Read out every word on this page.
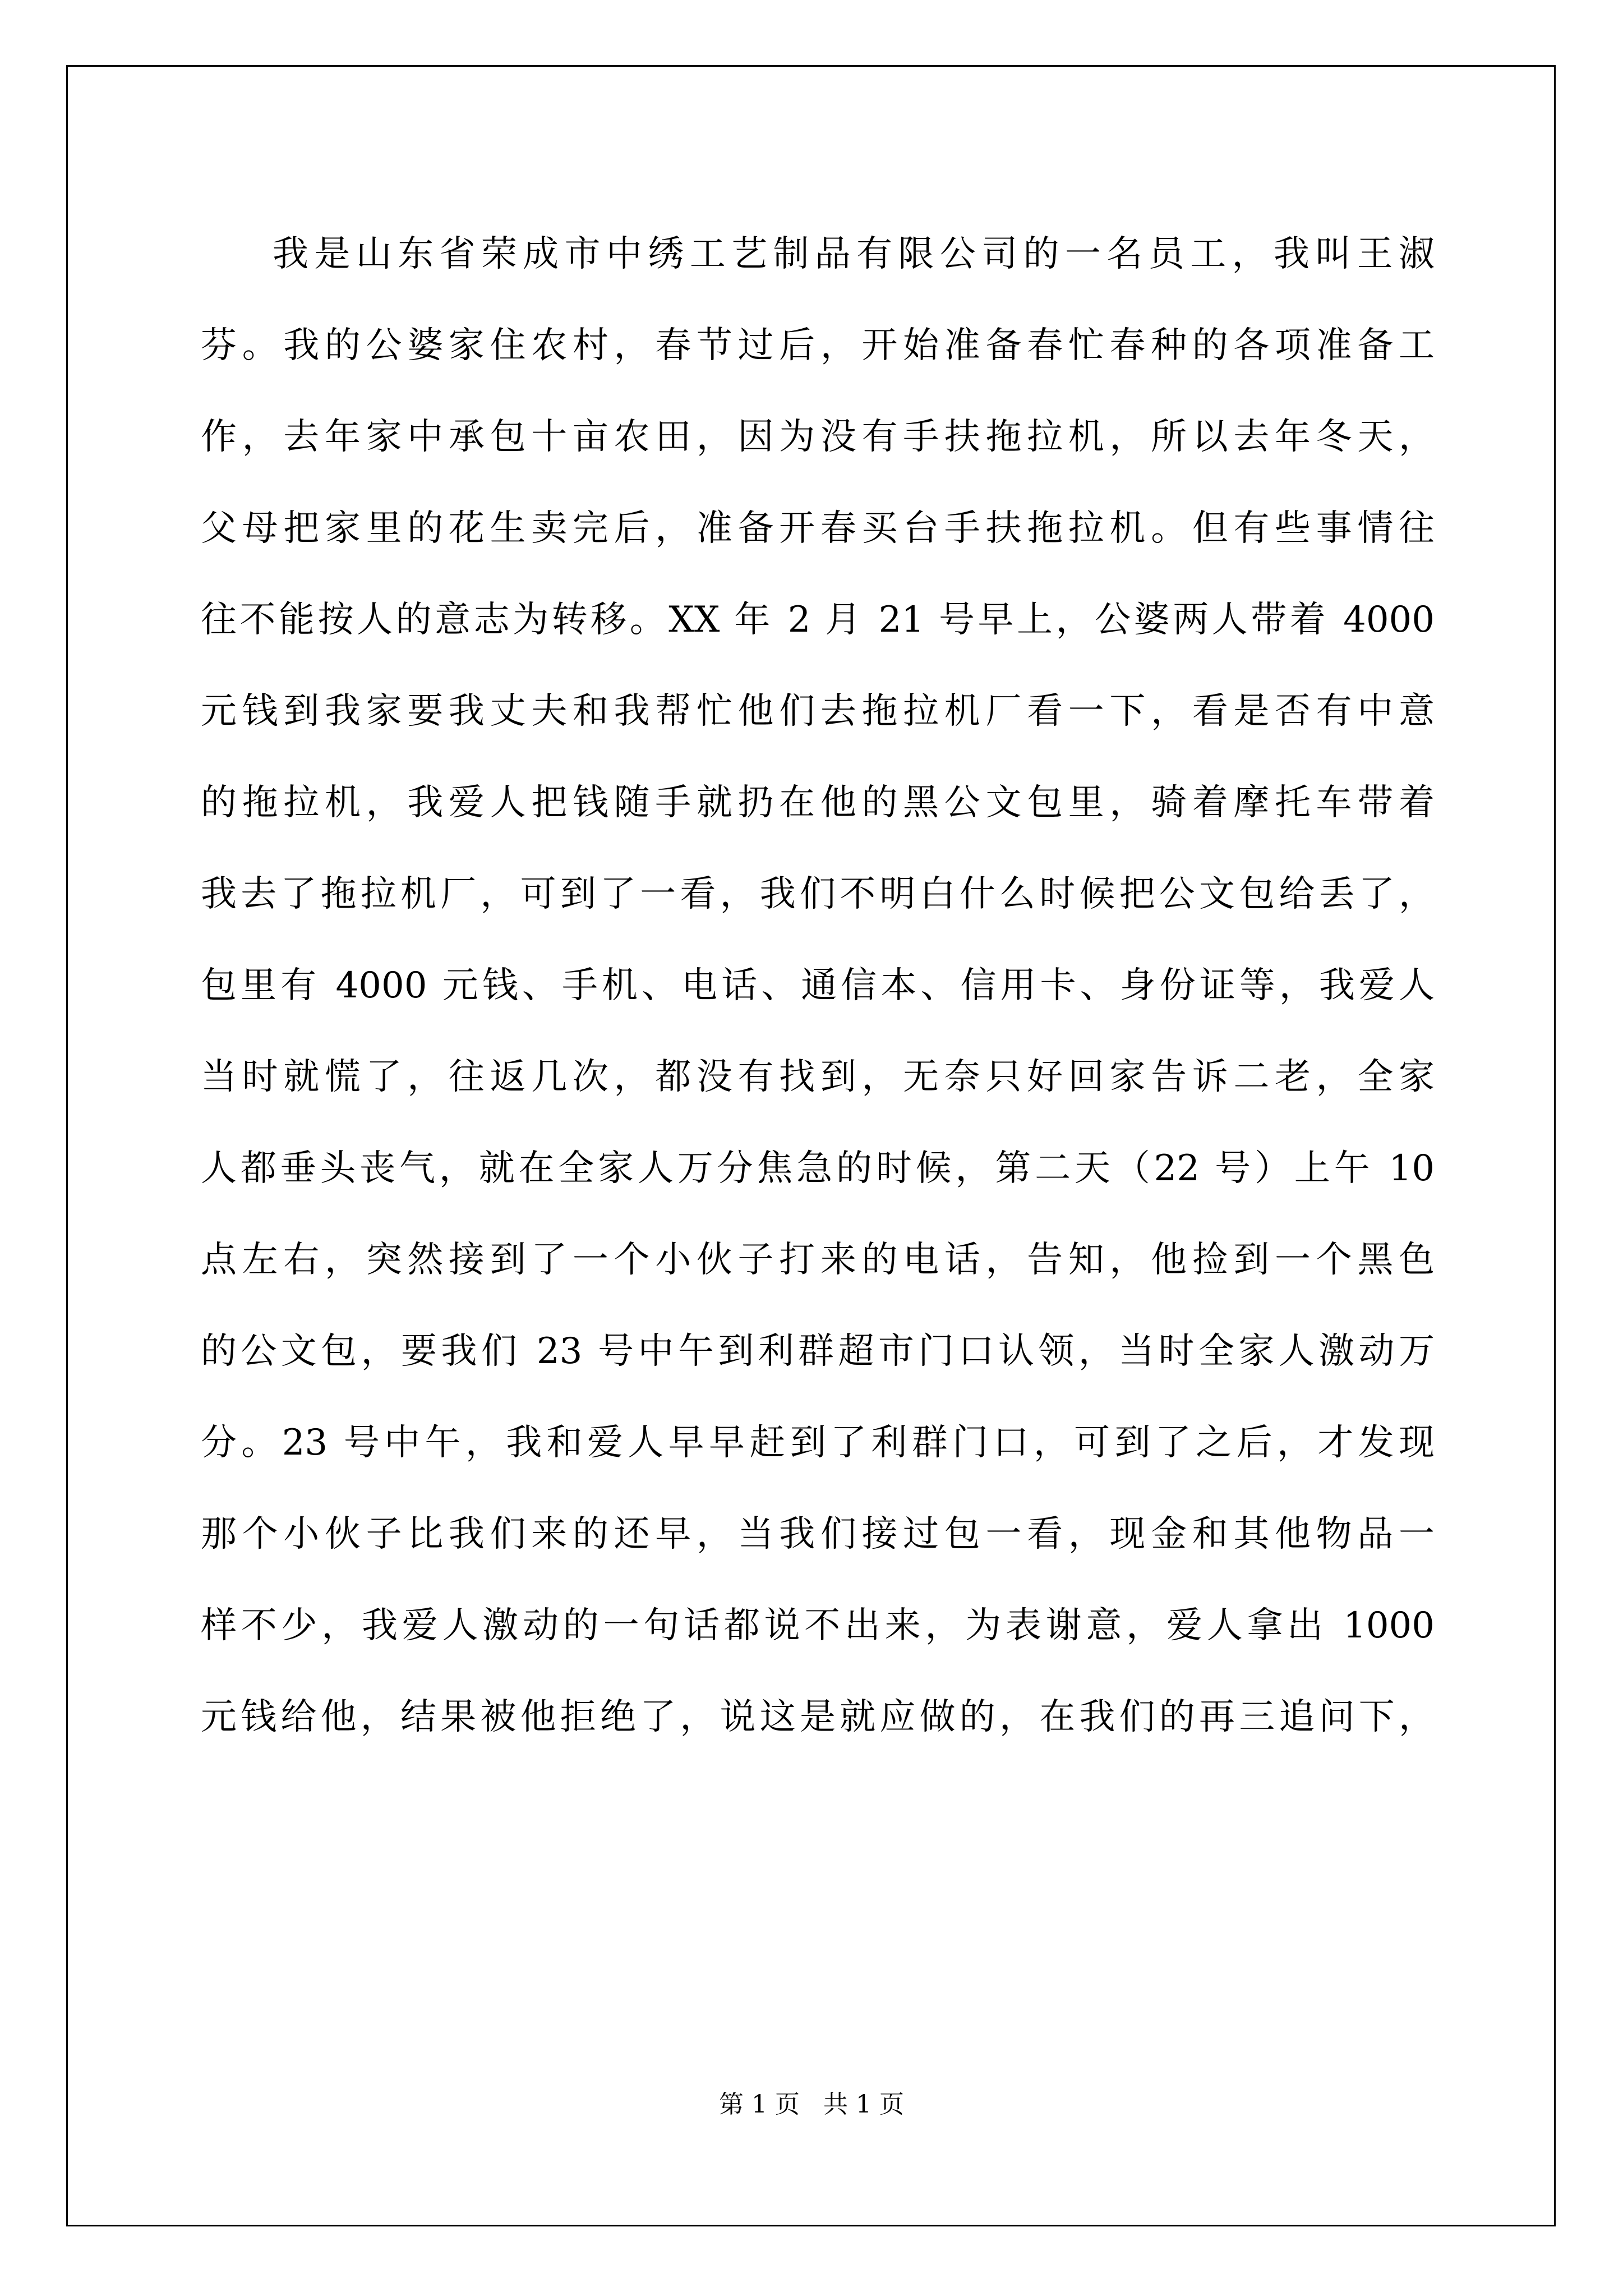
我是山东省荣成市中绣工艺制品有限公司的一名员工，我叫王淑
芬。我的公婆家住农村，春节过后，开始准备春忙春种的各项准备工
作，去年家中承包十亩农田，因为没有手扶拖拉机，所以去年冬天，
父母把家里的花生卖完后，准备开春买台手扶拖拉机。但有些事情往
往不能按人的意志为转移。XX 年 2 月 21 号早上，公婆两人带着 4000
元钱到我家要我丈夫和我帮忙他们去拖拉机厂看一下，看是否有中意
的拖拉机，我爱人把钱随手就扔在他的黑公文包里，骑着摩托车带着
我去了拖拉机厂，可到了一看，我们不明白什么时候把公文包给丢了，
包里有 4000 元钱、手机、电话、通信本、信用卡、身份证等，我爱人
当时就慌了，往返几次，都没有找到，无奈只好回家告诉二老，全家
人都垂头丧气，就在全家人万分焦急的时候，第二天（22 号）上午 10
点左右，突然接到了一个小伙子打来的电话，告知，他捡到一个黑色
的公文包，要我们 23 号中午到利群超市门口认领，当时全家人激动万
分。23 号中午，我和爱人早早赶到了利群门口，可到了之后，才发现
那个小伙子比我们来的还早，当我们接过包一看，现金和其他物品一
样不少，我爱人激动的一句话都说不出来，为表谢意，爱人拿出 1000
元钱给他，结果被他拒绝了，说这是就应做的，在我们的再三追问下，
第 1 页   共 1 页
